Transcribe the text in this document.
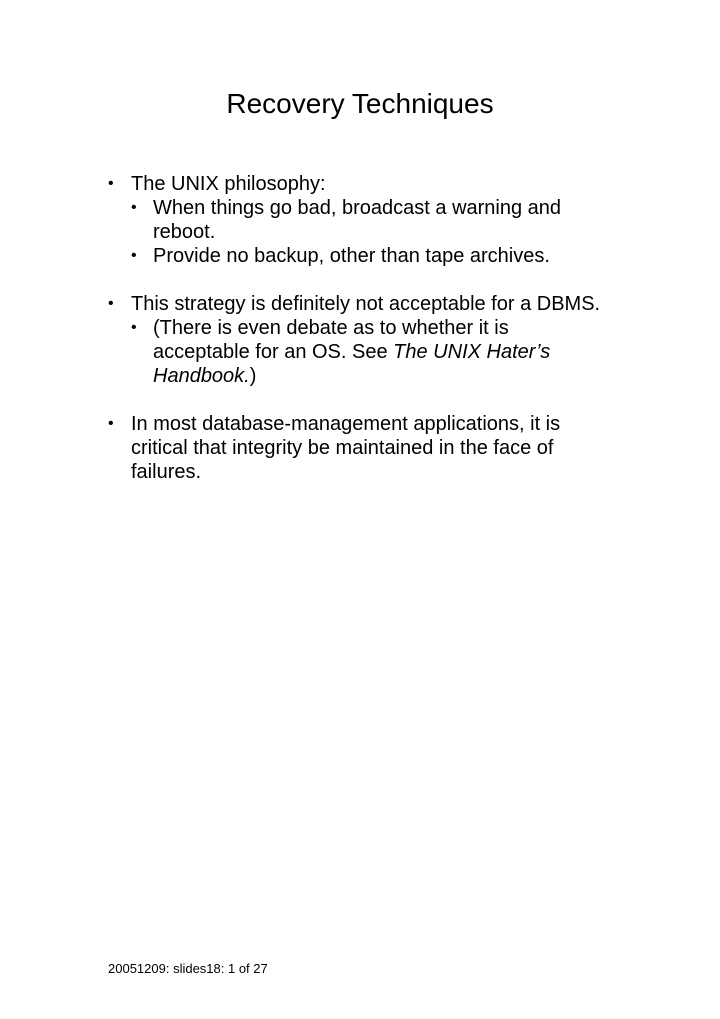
Recovery Techniques
• The UNIX philosophy:
• When things go bad, broadcast a warning and reboot.
• Provide no backup, other than tape archives.
• This strategy is definitely not acceptable for a DBMS.
• (There is even debate as to whether it is acceptable for an OS. See The UNIX Hater’s Handbook.)
• In most database-management applications, it is critical that integrity be maintained in the face of failures.
20051209: slides18: 1 of 27
